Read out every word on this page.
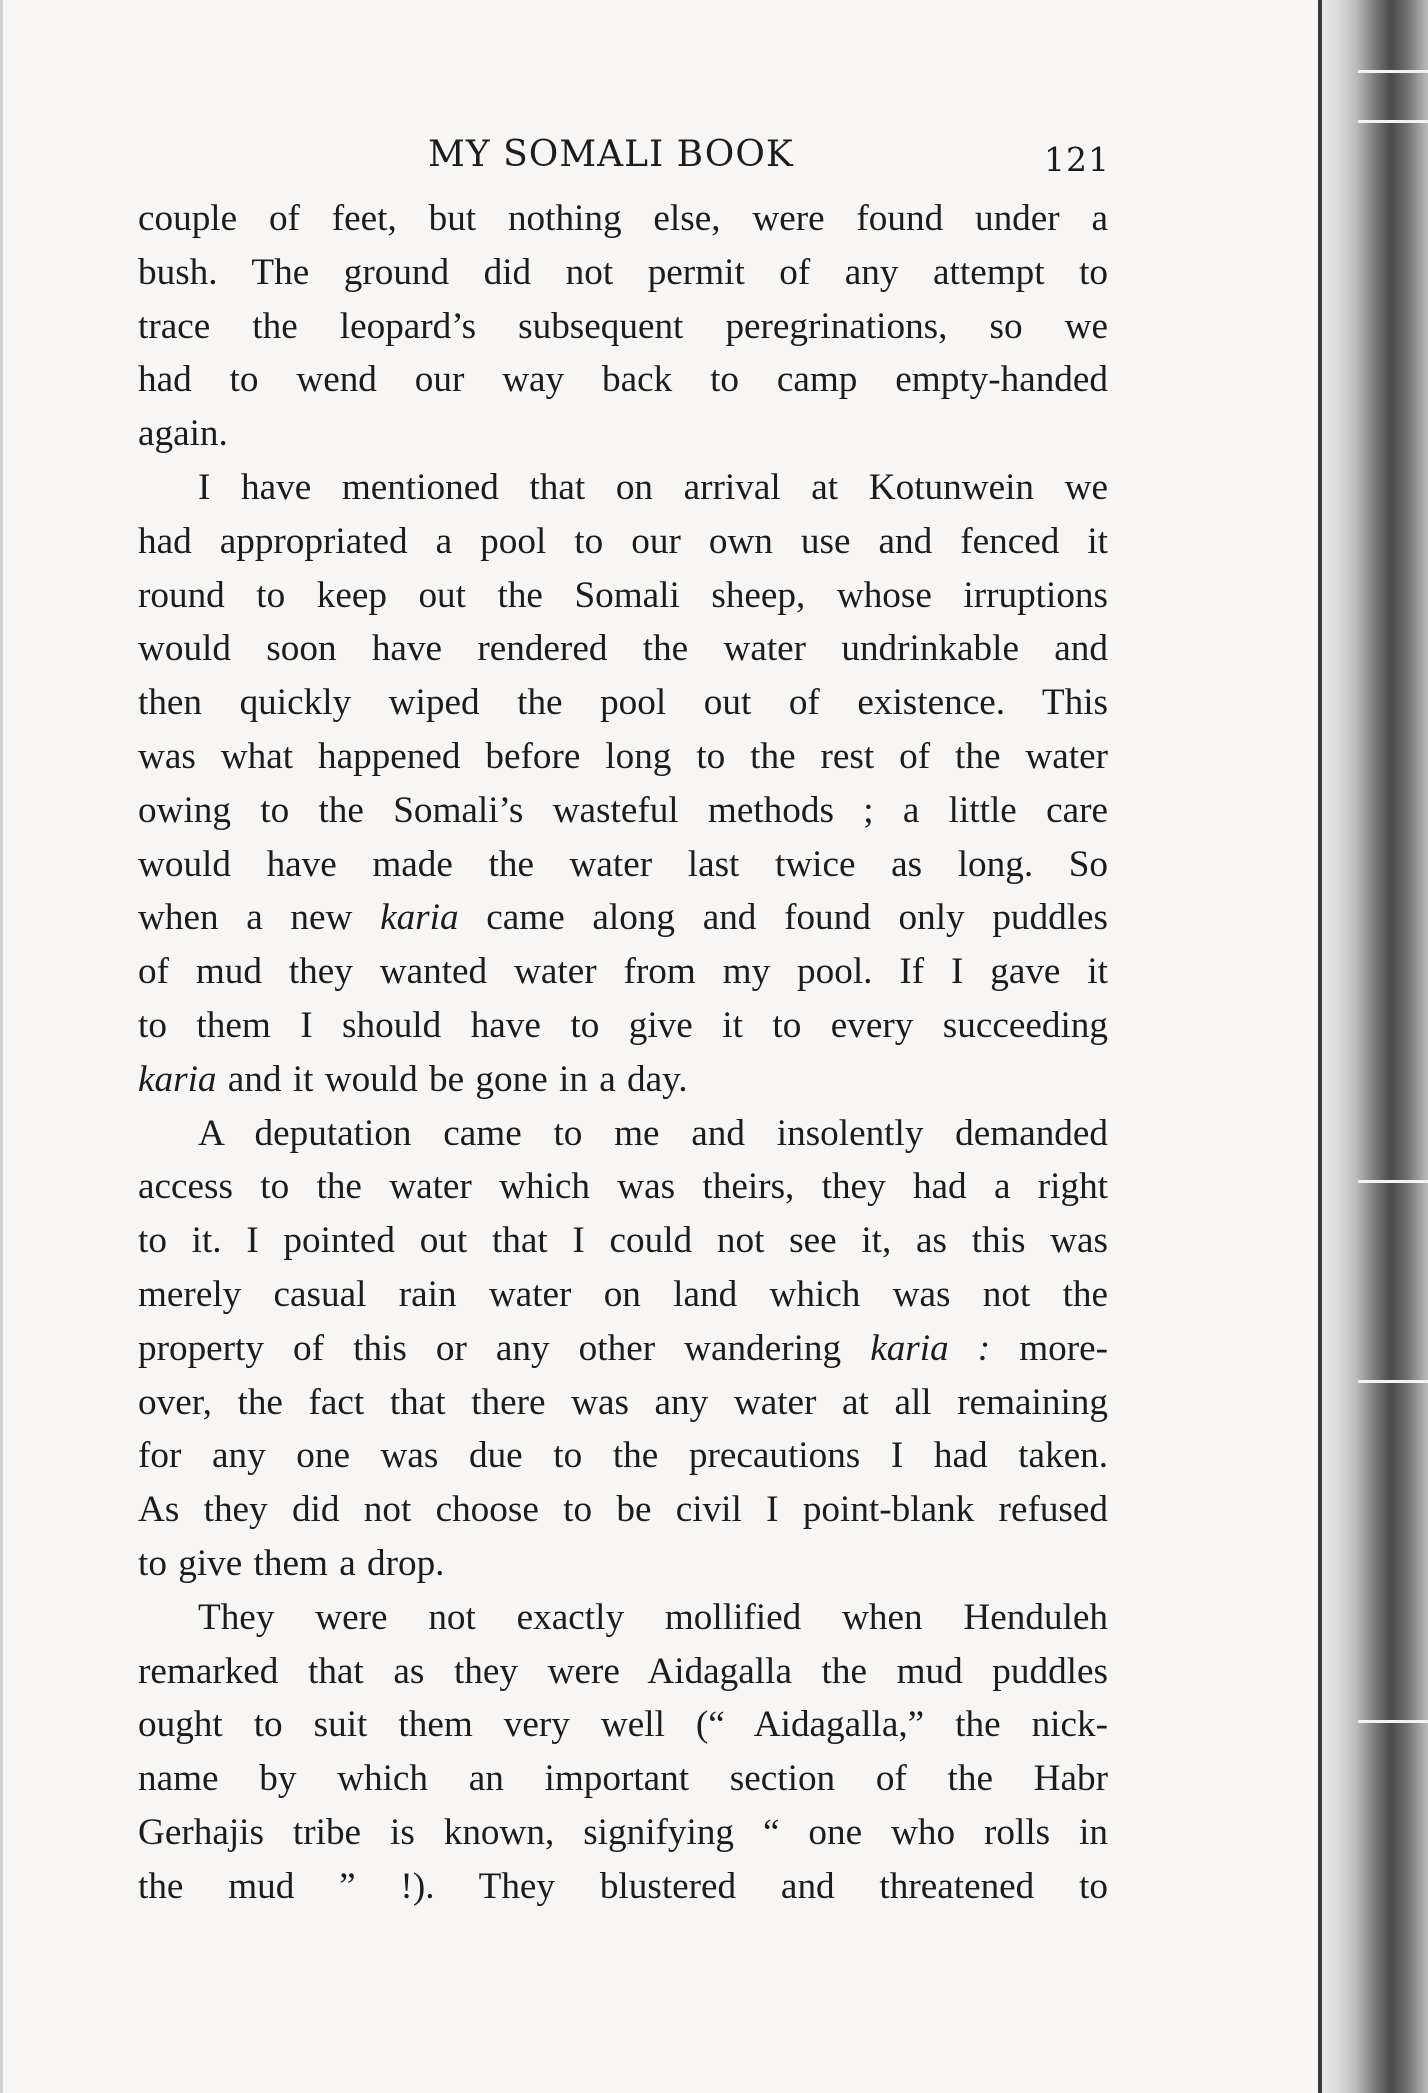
MY SOMALI BOOK	121
couple of feet, but nothing else, were found under a
bush. The ground did not permit of any attempt to
trace the leopard’s subsequent peregrinations, so we
had to wend our way back to camp empty-handed
again.
I have mentioned that on arrival at Kotunwein we
had appropriated a pool to our own use and fenced it
round to keep out the Somali sheep, whose irruptions
would soon have rendered the water undrinkable and
then quickly wiped the pool out of existence. This
was what happened before long to the rest of the water
owing to the Somali’s wasteful methods ; a little care
would have made the water last twice as long. So
when a new karia came along and found only puddles
of mud they wanted water from my pool. If I gave it
to them I should have to give it to every succeeding
karia and it would be gone in a day.
A deputation came to me and insolently demanded
access to the water which was theirs, they had a right
to it. I pointed out that I could not see it, as this was
merely casual rain water on land which was not the
property of this or any other wandering karia : more-
over, the fact that there was any water at all remaining
for any one was due to the precautions I had taken.
As they did not choose to be civil I point-blank refused
to give them a drop.
They were not exactly mollified when Henduleh
remarked that as they were Aidagalla the mud puddles
ought to suit them very well (“ Aidagalla,” the nick-
name by which an important section of the Habr
Gerhajis tribe is known, signifying “ one who rolls in
the mud ” !). They blustered and threatened to
